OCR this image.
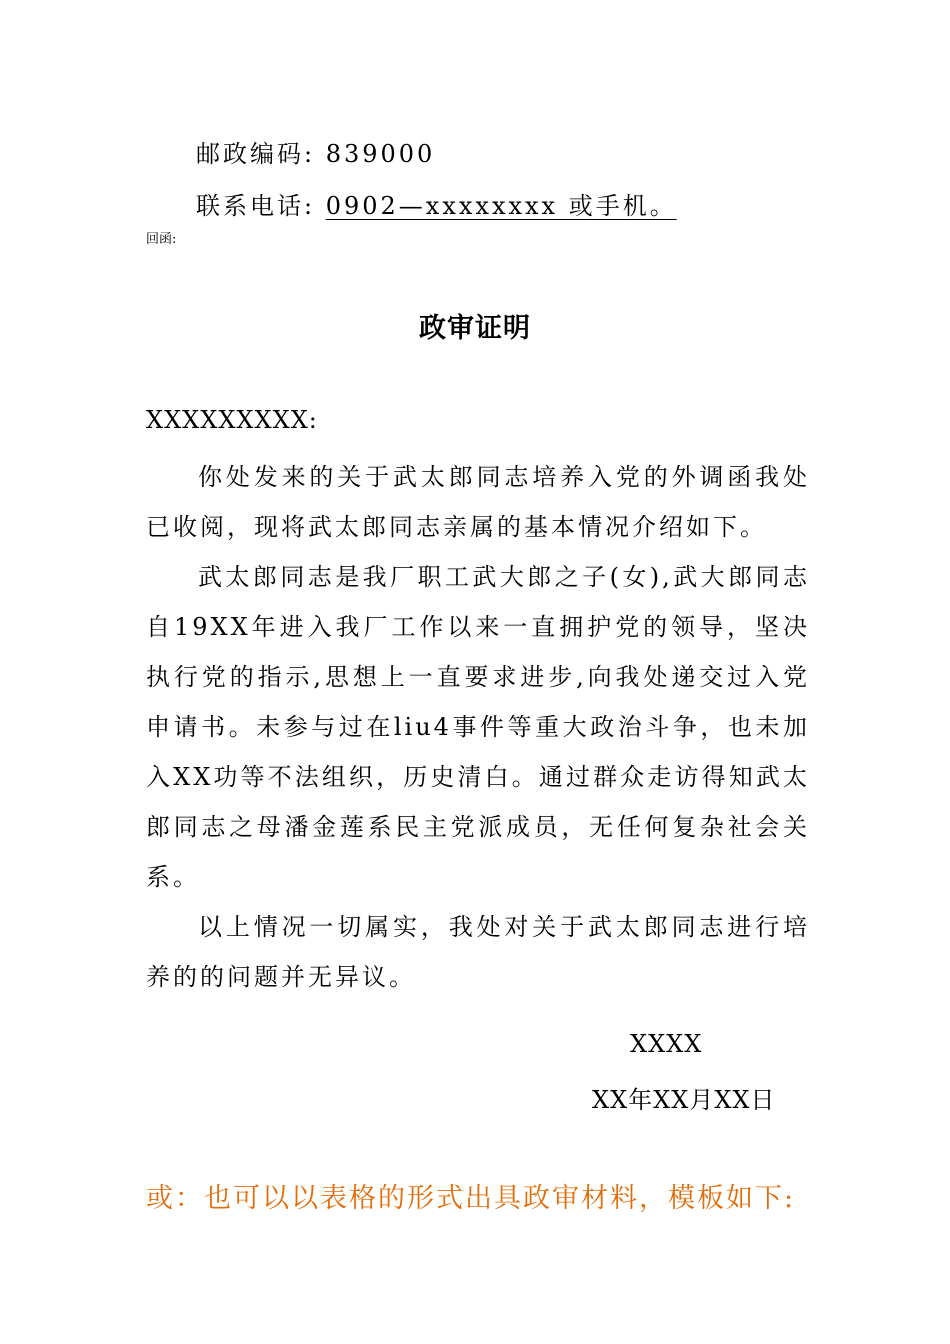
邮政编码: 839000
联系电话: 0902—xxxxxxxx 或手机。
回函:
政审证明
XXXXXXXXX:

你处发来的关于武太郎同志培养入党的外调函我处已收阅，现将武太郎同志亲属的基本情况介绍如下。

武太郎同志是我厂职工武大郎之子(女),武大郎同志自19XX年进入我厂工作以来一直拥护党的领导，坚决执行党的指示,思想上一直要求进步,向我处递交过入党申请书。未参与过在liu4事件等重大政治斗争，也未加入XX功等不法组织，历史清白。通过群众走访得知武太郎同志之母潘金莲系民主党派成员，无任何复杂社会关系。

以上情况一切属实，我处对关于武太郎同志进行培养的的问题并无异议。

XXXX
XX年XX月XX日
或：也可以以表格的形式出具政审材料，模板如下:
